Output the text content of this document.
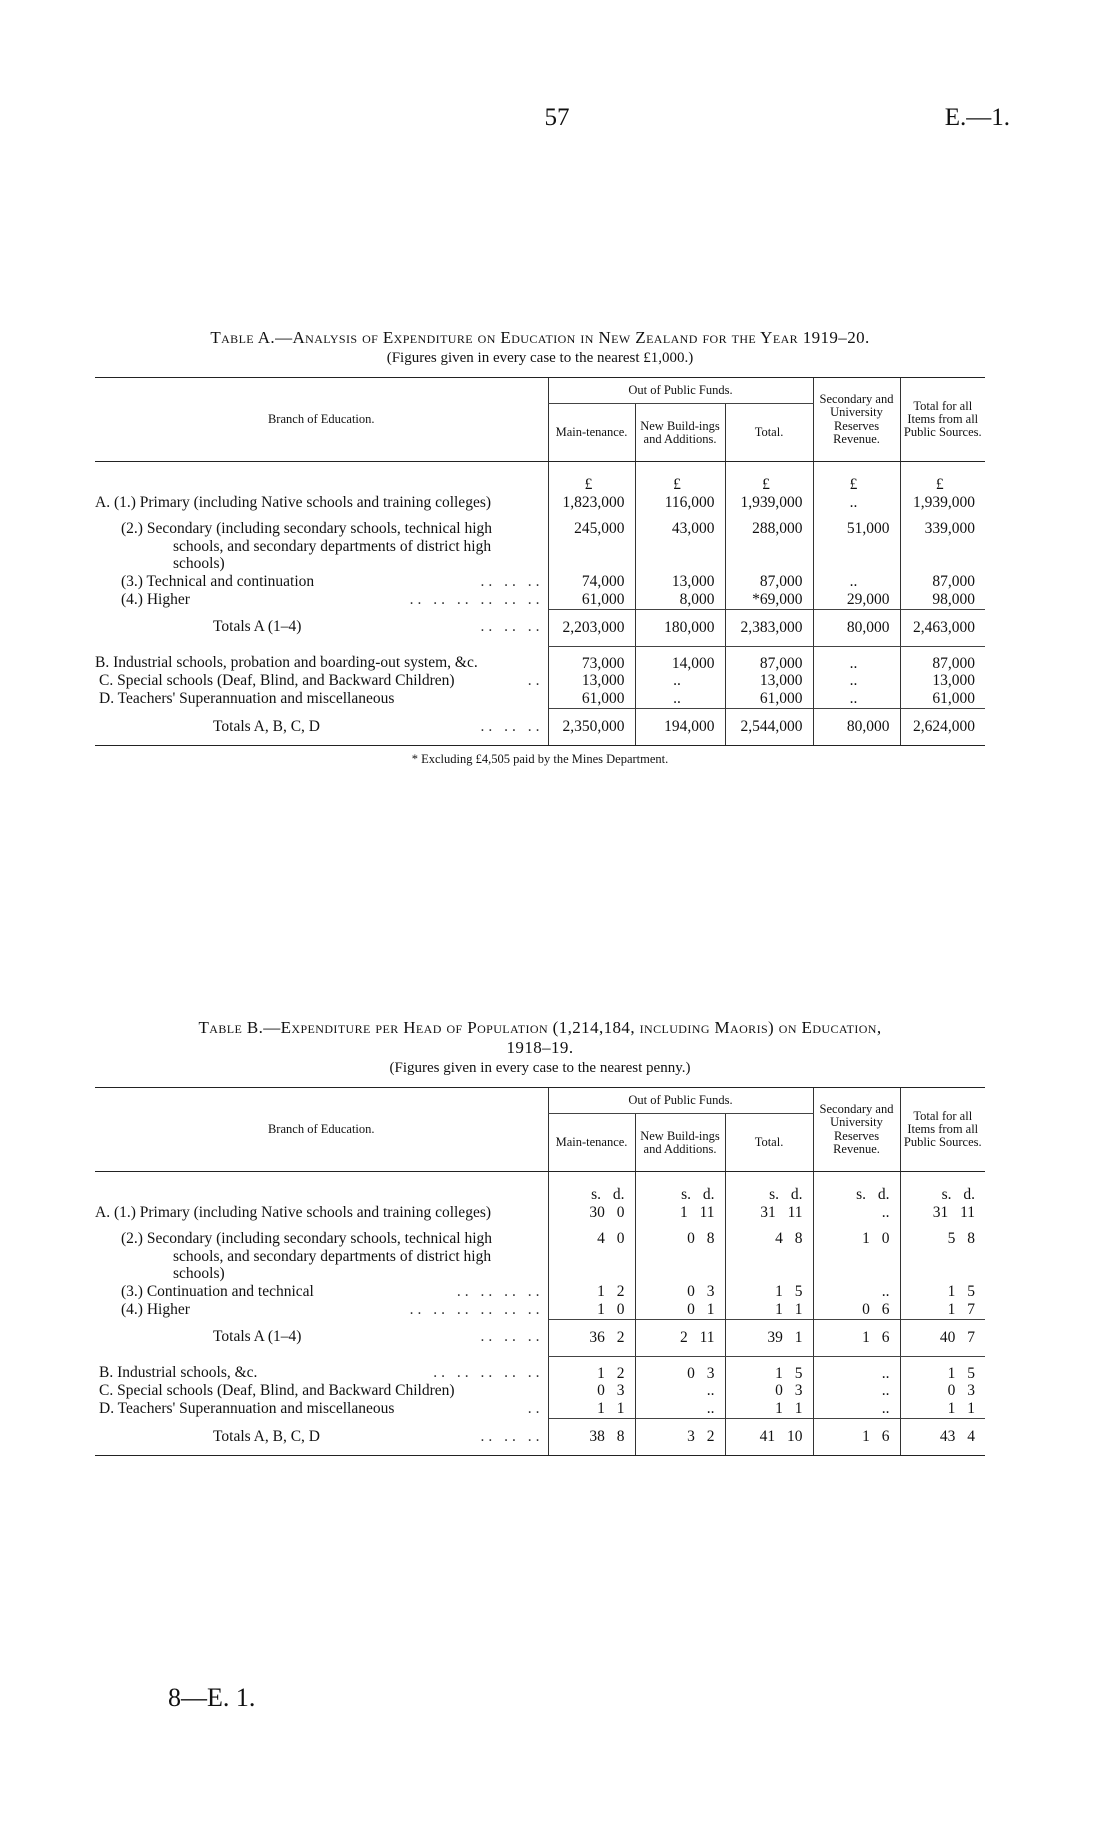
57	E.—1.
Table A.—Analysis of Expenditure on Education in New Zealand for the Year 1919–20.
(Figures given in every case to the nearest £1,000.)
Branch of Education.	Out of Public Funds.			Secondary and University Reserves Revenue.	Total for all Items from all Public Sources.
	Main-tenance.	New Build-ings and Additions.	Total.		
	£	£	£	£	£
A. (1.) Primary (including Native schools and training colleges)	1,823,000	116,000	1,939,000	..	1,939,000
(2.) Secondary (including secondary schools, technical high schools, and secondary departments of district high schools)	245,000	43,000	288,000	51,000	339,000

(3.) Technical and continuation .. .. ..	74,000	13,000	87,000	..	87,000

(4.) Higher .. .. .. .. .. ..	61,000	8,000	*69,000	29,000	98,000

Totals A (1–4) .. .. ..	2,203,000	180,000	2,383,000	80,000	2,463,000
B. Industrial schools, probation and boarding-out system, &c.	73,000	14,000	87,000	..	87,000

C. Special schools (Deaf, Blind, and Backward Children) ..	13,000	..	13,000	..	13,000
D. Teachers' Superannuation and miscellaneous	61,000	..	61,000	..	61,000

Totals A, B, C, D .. .. ..	2,350,000	194,000	2,544,000	80,000	2,624,000
* Excluding £4,505 paid by the Mines Department.
Table B.—Expenditure per Head of Population (1,214,184, including Maoris) on Education,
1918–19.
(Figures given in every case to the nearest penny.)
Branch of Education.	Out of Public Funds.			Secondary and University Reserves Revenue.	Total for all Items from all Public Sources.
	Main-tenance.	New Build-ings and Additions.	Total.		
	s. d.	s. d.	s. d.	s. d.	s. d.
A. (1.) Primary (including Native schools and training colleges)	30 0	1 11	31 11	..	31 11
(2.) Secondary (including secondary schools, technical high schools, and secondary departments of district high schools)	4 0	0 8	4 8	1 0	5 8

(3.) Continuation and technical .. .. .. ..	1 2	0 3	1 5	..	1 5

(4.) Higher .. .. .. .. .. ..	1 0	0 1	1 1	0 6	1 7

Totals A (1–4) .. .. ..	36 2	2 11	39 1	1 6	40 7

B. Industrial schools, &c. .. .. .. .. ..	1 2	0 3	1 5	..	1 5
C. Special schools (Deaf, Blind, and Backward Children)	0 3	..	0 3	..	0 3

D. Teachers' Superannuation and miscellaneous ..	1 1	..	1 1	..	1 1

Totals A, B, C, D .. .. ..	38 8	3 2	41 10	1 6	43 4
8—E. 1.
